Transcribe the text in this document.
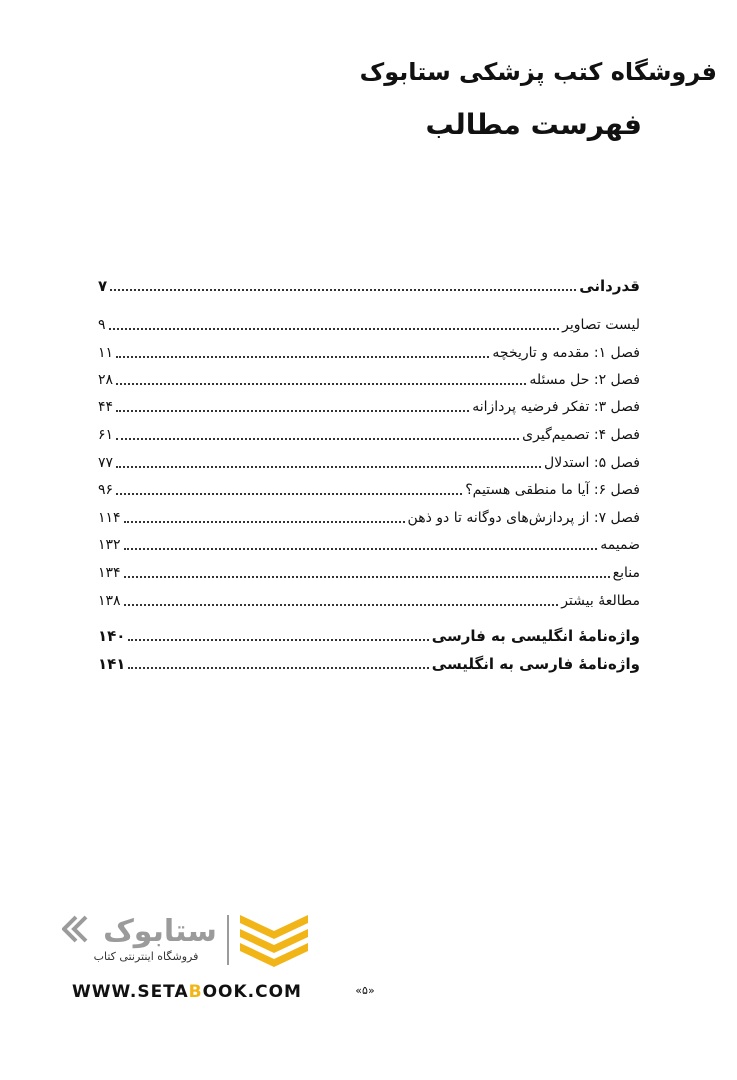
فروشگاه کتب پزشکی ستابوک
فهرست مطالب
قدردانی
۷
لیست تصاویر
۹
فصل ۱: مقدمه و تاریخچه
۱۱
فصل ۲: حل مسئله
۲۸
فصل ۳: تفکر فرضیه پردازانه
۴۴
فصل ۴: تصمیم‌گیری
۶۱
فصل ۵: استدلال
۷۷
فصل ۶: آیا ما منطقی هستیم؟
۹۶
فصل ۷: از پردازش‌های دوگانه تا دو ذهن
۱۱۴
ضمیمه
۱۳۲
منابع
۱۳۴
مطالعۀ بیشتر
۱۳۸
واژه‌نامۀ انگلیسی به فارسی
۱۴۰
واژه‌نامۀ فارسی به انگلیسی
۱۴۱
ستابوک
فروشگاه اینترنتی کتاب
WWW.SETABOOK.COM	«۵»
